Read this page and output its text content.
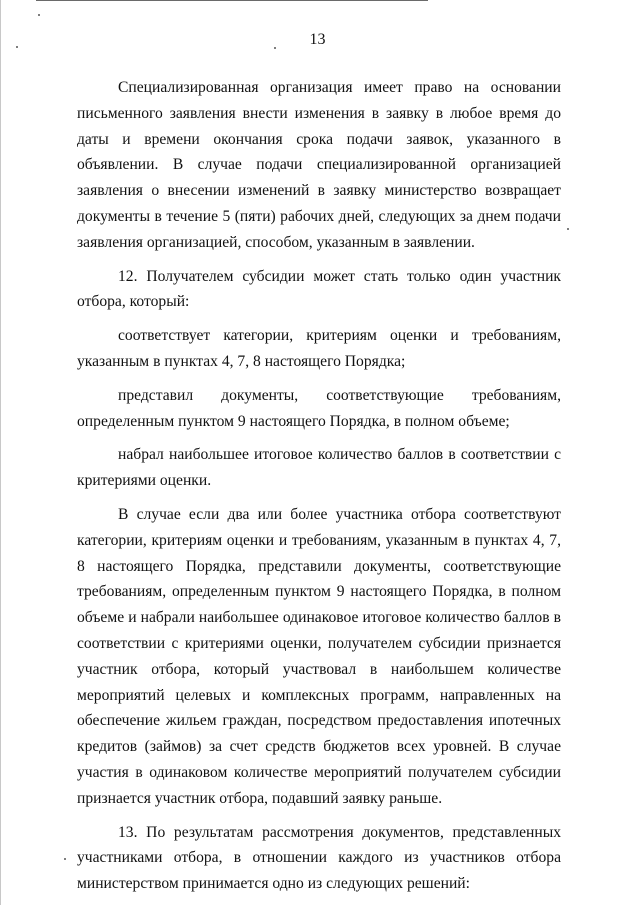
13

Специализированная организация имеет право на основании письменного заявления внести изменения в заявку в любое время до даты и времени окончания срока подачи заявок, указанного в объявлении. В случае подачи специализированной организацией заявления о внесении изменений в заявку министерство возвращает документы в течение 5 (пяти) рабочих дней, следующих за днем подачи заявления организацией, способом, указанным в заявлении.

12. Получателем субсидии может стать только один участник отбора, который:

соответствует категории, критериям оценки и требованиям, указанным в пунктах 4, 7, 8 настоящего Порядка;

представил документы, соответствующие требованиям, определенным пунктом 9 настоящего Порядка, в полном объеме;

набрал наибольшее итоговое количество баллов в соответствии с критериями оценки.

В случае если два или более участника отбора соответствуют категории, критериям оценки и требованиям, указанным в пунктах 4, 7, 8 настоящего Порядка, представили документы, соответствующие требованиям, определенным пунктом 9 настоящего Порядка, в полном объеме и набрали наибольшее одинаковое итоговое количество баллов в соответствии с критериями оценки, получателем субсидии признается участник отбора, который участвовал в наибольшем количестве мероприятий целевых и комплексных программ, направленных на обеспечение жильем граждан, посредством предоставления ипотечных кредитов (займов) за счет средств бюджетов всех уровней. В случае участия в одинаковом количестве мероприятий получателем субсидии признается участник отбора, подавший заявку раньше.

13. По результатам рассмотрения документов, представленных участниками отбора, в отношении каждого из участников отбора министерством принимается одно из следующих решений:
